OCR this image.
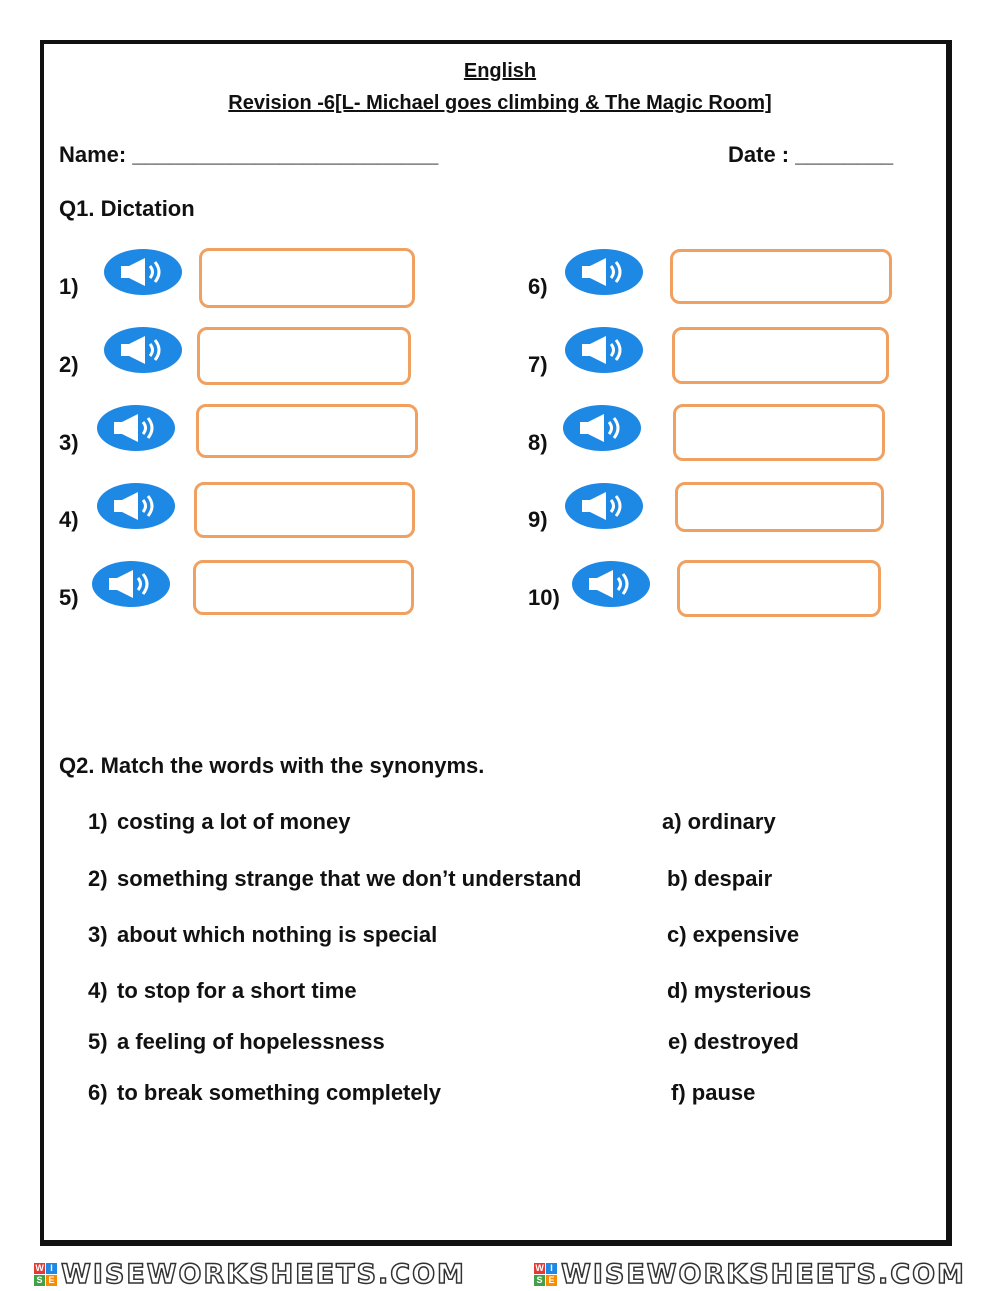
English
Revision -6[L- Michael goes climbing & The Magic Room]
Name: _________________________	Date : ________
Q1. Dictation
1)
2)
3)
4)
5)
6)
7)
8)
9)
10)
Q2. Match the words with the synonyms.
1) costing a lot of money
2) something strange that we don’t understand
3) about which nothing is special
4) to stop for a short time
5) a feeling of hopelessness
6) to break something completely
a) ordinary
b) despair
c) expensive
d) mysterious
e) destroyed
f) pause
W I
S E WISEWORKSHEETS.COM	W I
S E WISEWORKSHEETS.COM
